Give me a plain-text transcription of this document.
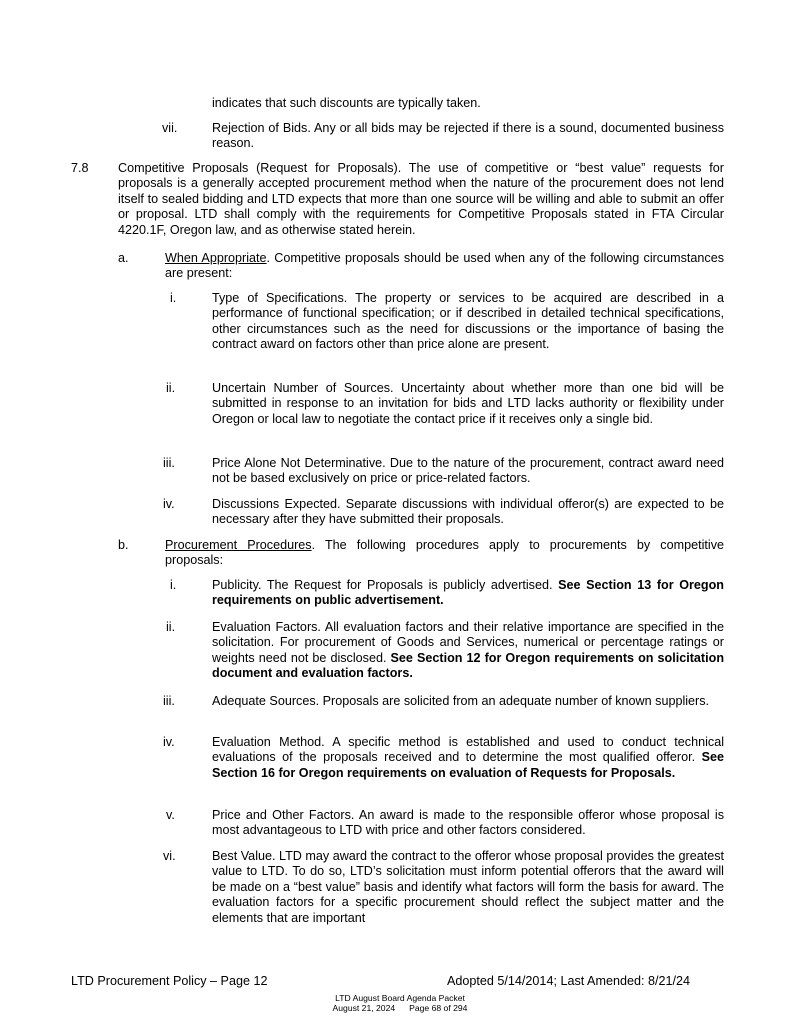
indicates that such discounts are typically taken.
vii.	Rejection of Bids. Any or all bids may be rejected if there is a sound, documented business reason.
7.8 Competitive Proposals (Request for Proposals). The use of competitive or “best value” requests for proposals is a generally accepted procurement method when the nature of the procurement does not lend itself to sealed bidding and LTD expects that more than one source will be willing and able to submit an offer or proposal. LTD shall comply with the requirements for Competitive Proposals stated in FTA Circular 4220.1F, Oregon law, and as otherwise stated herein.
a.	When Appropriate. Competitive proposals should be used when any of the following circumstances are present:
i.	Type of Specifications. The property or services to be acquired are described in a performance of functional specification; or if described in detailed technical specifications, other circumstances such as the need for discussions or the importance of basing the contract award on factors other than price alone are present.
ii.	Uncertain Number of Sources. Uncertainty about whether more than one bid will be submitted in response to an invitation for bids and LTD lacks authority or flexibility under Oregon or local law to negotiate the contact price if it receives only a single bid.
iii.	Price Alone Not Determinative. Due to the nature of the procurement, contract award need not be based exclusively on price or price-related factors.
iv.	Discussions Expected. Separate discussions with individual offeror(s) are expected to be necessary after they have submitted their proposals.
b.	Procurement Procedures. The following procedures apply to procurements by competitive proposals:
i.	Publicity. The Request for Proposals is publicly advertised. See Section 13 for Oregon requirements on public advertisement.
ii.	Evaluation Factors. All evaluation factors and their relative importance are specified in the solicitation. For procurement of Goods and Services, numerical or percentage ratings or weights need not be disclosed. See Section 12 for Oregon requirements on solicitation document and evaluation factors.
iii.	Adequate Sources. Proposals are solicited from an adequate number of known suppliers.
iv.	Evaluation Method. A specific method is established and used to conduct technical evaluations of the proposals received and to determine the most qualified offeror. See Section 16 for Oregon requirements on evaluation of Requests for Proposals.
v.	Price and Other Factors. An award is made to the responsible offeror whose proposal is most advantageous to LTD with price and other factors considered.
vi.	Best Value. LTD may award the contract to the offeror whose proposal provides the greatest value to LTD. To do so, LTD’s solicitation must inform potential offerors that the award will be made on a “best value” basis and identify what factors will form the basis for award. The evaluation factors for a specific procurement should reflect the subject matter and the elements that are important
LTD Procurement Policy – Page 12	Adopted 5/14/2014; Last Amended: 8/21/24
LTD August Board Agenda Packet
August 21, 2024 Page 68 of 294
